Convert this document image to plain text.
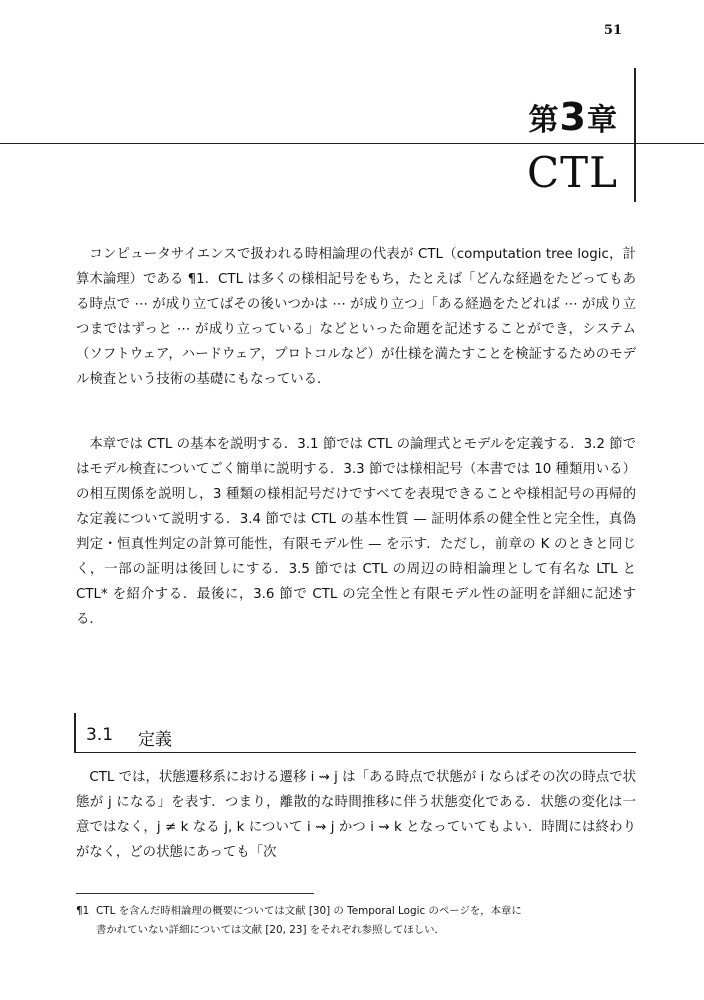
51
第3章
CTL

コンピュータサイエンスで扱われる時相論理の代表が CTL（computation tree logic，計算木論理）である ¶1．CTL は多くの様相記号をもち，たとえば「どんな経過をたどってもある時点で ⋯ が成り立てばその後いつかは ⋯ が成り立つ」「ある経過をたどれば ⋯ が成り立つまではずっと ⋯ が成り立っている」などといった命題を記述することができ，システム（ソフトウェア，ハードウェア，プロトコルなど）が仕様を満たすことを検証するためのモデル検査という技術の基礎にもなっている．

本章では CTL の基本を説明する．3.1 節では CTL の論理式とモデルを定義する．3.2 節ではモデル検査についてごく簡単に説明する．3.3 節では様相記号（本書では 10 種類用いる）の相互関係を説明し，3 種類の様相記号だけですべてを表現できることや様相記号の再帰的な定義について説明する．3.4 節では CTL の基本性質 — 証明体系の健全性と完全性，真偽判定・恒真性判定の計算可能性，有限モデル性 — を示す．ただし，前章の K のときと同じく，一部の証明は後回しにする．3.5 節では CTL の周辺の時相論理として有名な LTL と CTL* を紹介する．最後に，3.6 節で CTL の完全性と有限モデル性の証明を詳細に記述する．

3.1 定義

CTL では，状態遷移系における遷移 i ⇝ j は「ある時点で状態が i ならばその次の時点で状態が j になる」を表す．つまり，離散的な時間推移に伴う状態変化である．状態の変化は一意ではなく，j ≠ k なる j, k について i ⇝ j かつ i ⇝ k となっていてもよい．時間には終わりがなく，どの状態にあっても「次

¶1 CTL を含んだ時相論理の概要については文献 [30] の Temporal Logic のページを，本章に
書かれていない詳細については文献 [20, 23] をそれぞれ参照してほしい．
